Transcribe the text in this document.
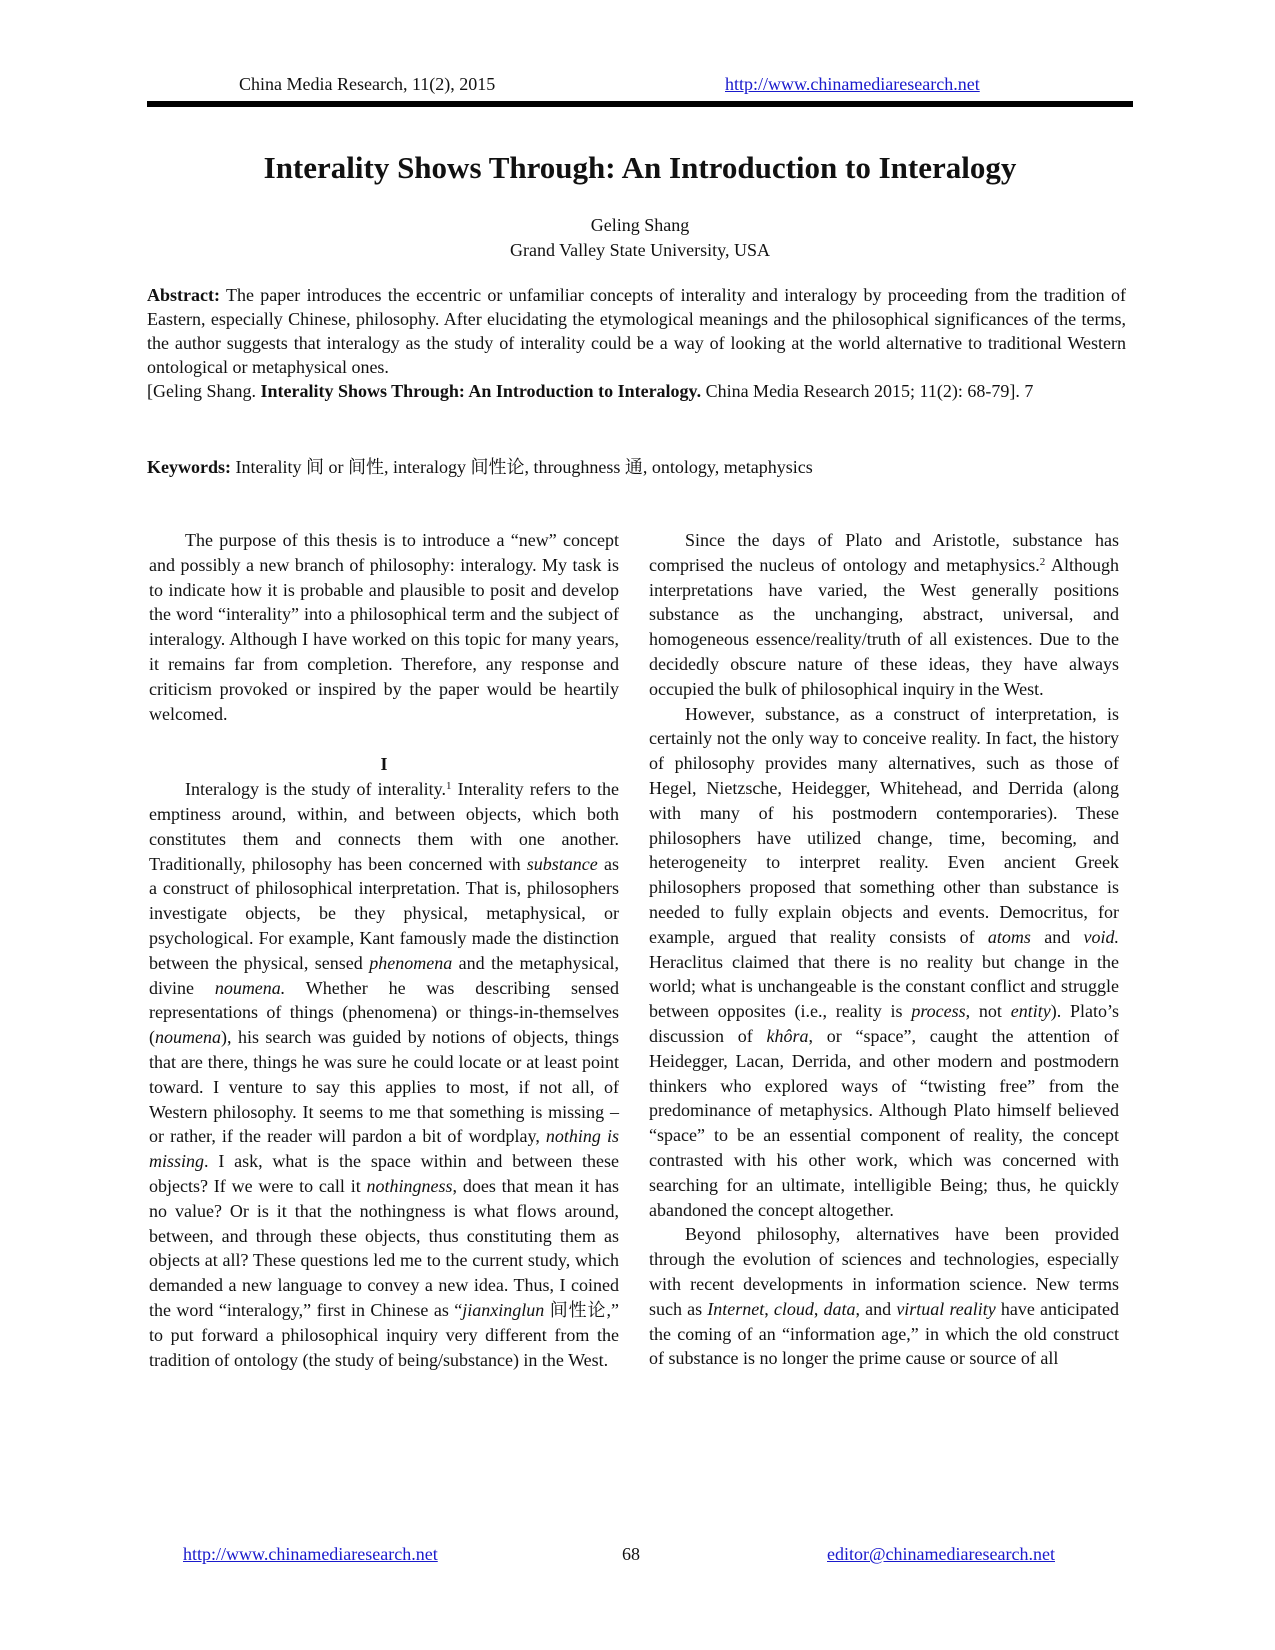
China Media Research, 11(2), 2015	http://www.chinamediaresearch.net
Interality Shows Through: An Introduction to Interalogy
Geling Shang
Grand Valley State University, USA

Abstract: The paper introduces the eccentric or unfamiliar concepts of interality and interalogy by proceeding from the tradition of Eastern, especially Chinese, philosophy. After elucidating the etymological meanings and the philosophical significances of the terms, the author suggests that interalogy as the study of interality could be a way of looking at the world alternative to traditional Western ontological or metaphysical ones.

[Geling Shang. Interality Shows Through: An Introduction to Interalogy. China Media Research 2015; 11(2): 68-79]. 7

Keywords: Interality 间 or 间性, interalogy 间性论, throughness 通, ontology, metaphysics

The purpose of this thesis is to introduce a “new” concept and possibly a new branch of philosophy: interalogy. My task is to indicate how it is probable and plausible to posit and develop the word “interality” into a philosophical term and the subject of interalogy. Although I have worked on this topic for many years, it remains far from completion. Therefore, any response and criticism provoked or inspired by the paper would be heartily welcomed.

I

Interalogy is the study of interality.$^1$ Interality refers to the emptiness around, within, and between objects, which both constitutes them and connects them with one another. Traditionally, philosophy has been concerned with substance as a construct of philosophical interpretation. That is, philosophers investigate objects, be they physical, metaphysical, or psychological. For example, Kant famously made the distinction between the physical, sensed phenomena and the metaphysical, divine noumena. Whether he was describing sensed representations of things (phenomena) or things-in-themselves (noumena), his search was guided by notions of objects, things that are there, things he was sure he could locate or at least point toward. I venture to say this applies to most, if not all, of Western philosophy. It seems to me that something is missing – or rather, if the reader will pardon a bit of wordplay, nothing is missing. I ask, what is the space within and between these objects? If we were to call it nothingness, does that mean it has no value? Or is it that the nothingness is what flows around, between, and through these objects, thus constituting them as objects at all? These questions led me to the current study, which demanded a new language to convey a new idea. Thus, I coined the word “interalogy,” first in Chinese as “jianxinglun 间性论,” to put forward a philosophical inquiry very different from the tradition of ontology (the study of being/substance) in the West.

Since the days of Plato and Aristotle, substance has comprised the nucleus of ontology and metaphysics.$^2$ Although interpretations have varied, the West generally positions substance as the unchanging, abstract, universal, and homogeneous essence/reality/truth of all existences. Due to the decidedly obscure nature of these ideas, they have always occupied the bulk of philosophical inquiry in the West.

However, substance, as a construct of interpretation, is certainly not the only way to conceive reality. In fact, the history of philosophy provides many alternatives, such as those of Hegel, Nietzsche, Heidegger, Whitehead, and Derrida (along with many of his postmodern contemporaries). These philosophers have utilized change, time, becoming, and heterogeneity to interpret reality. Even ancient Greek philosophers proposed that something other than substance is needed to fully explain objects and events. Democritus, for example, argued that reality consists of atoms and void. Heraclitus claimed that there is no reality but change in the world; what is unchangeable is the constant conflict and struggle between opposites (i.e., reality is process, not entity). Plato’s discussion of khôra, or “space”, caught the attention of Heidegger, Lacan, Derrida, and other modern and postmodern thinkers who explored ways of “twisting free” from the predominance of metaphysics. Although Plato himself believed “space” to be an essential component of reality, the concept contrasted with his other work, which was concerned with searching for an ultimate, intelligible Being; thus, he quickly abandoned the concept altogether.

Beyond philosophy, alternatives have been provided through the evolution of sciences and technologies, especially with recent developments in information science. New terms such as Internet, cloud, data, and virtual reality have anticipated the coming of an “information age,” in which the old construct of substance is no longer the prime cause or source of all

http://www.chinamediaresearch.net	68	editor@chinamediaresearch.net
